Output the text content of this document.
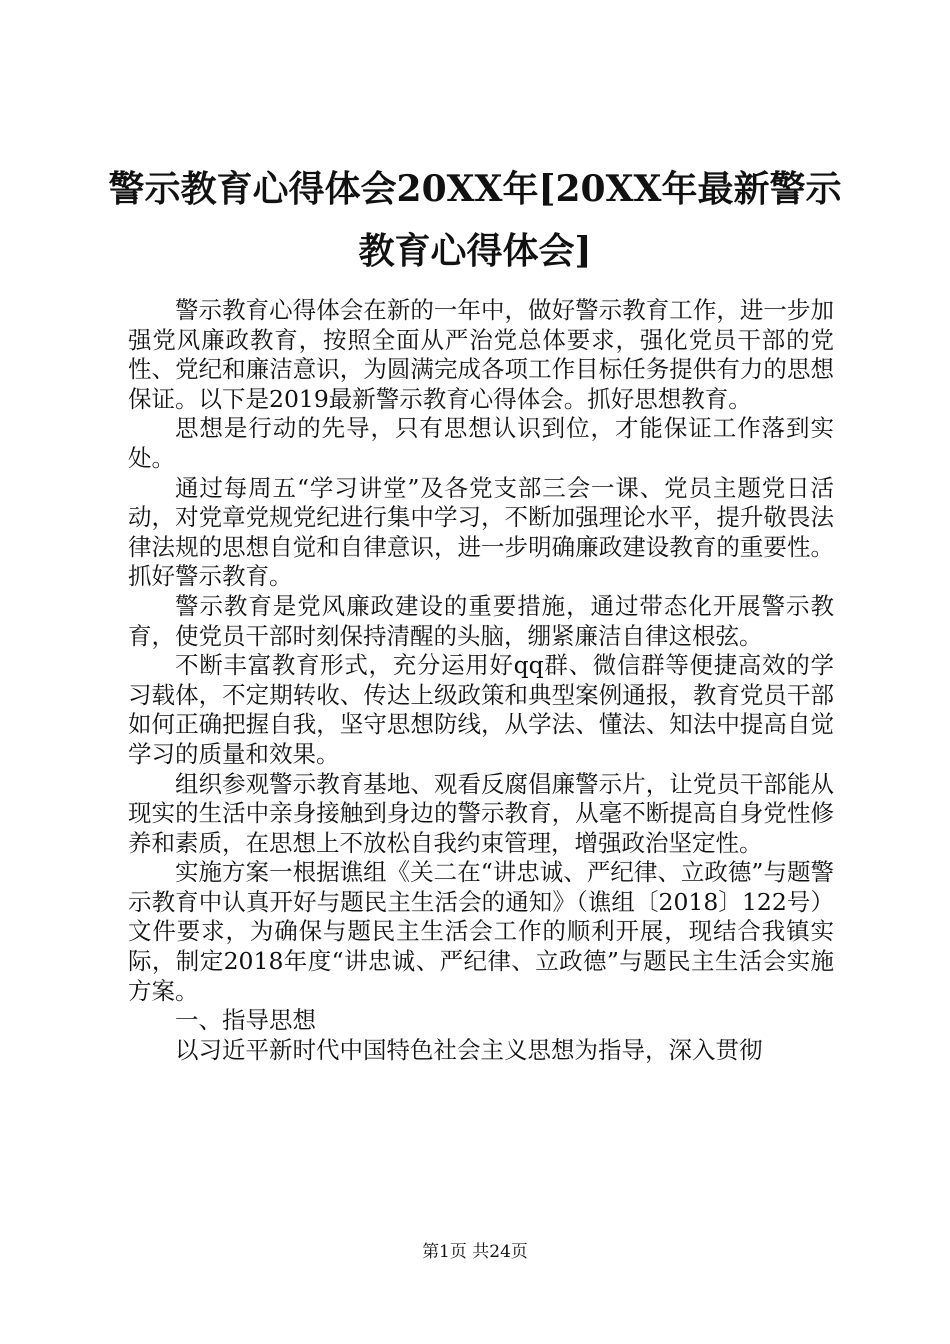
警示教育心得体会20XX年[20XX年最新警示教育心得体会]

警示教育心得体会在新的一年中，做好警示教育工作，进一步加强党风廉政教育，按照全面从严治党总体要求，强化党员干部的党性、党纪和廉洁意识，为圆满完成各项工作目标任务提供有力的思想保证。以下是2019最新警示教育心得体会。抓好思想教育。

思想是行动的先导，只有思想认识到位，才能保证工作落到实处。

通过每周五“学习讲堂”及各党支部三会一课、党员主题党日活动，对党章党规党纪进行集中学习，不断加强理论水平，提升敬畏法律法规的思想自觉和自律意识，进一步明确廉政建设教育的重要性。抓好警示教育。

警示教育是党风廉政建设的重要措施，通过带态化开展警示教育，使党员干部时刻保持清醒的头脑，绷紧廉洁自律这根弦。

不断丰富教育形式，充分运用好qq群、微信群等便捷高效的学习载体，不定期转收、传达上级政策和典型案例通报，教育党员干部如何正确把握自我，坚守思想防线，从学法、懂法、知法中提高自觉学习的质量和效果。

组织参观警示教育基地、观看反腐倡廉警示片，让党员干部能从现实的生活中亲身接触到身边的警示教育，从毫不断提高自身党性修养和素质，在思想上不放松自我约束管理，增强政治坚定性。

实施方案一根据谯组《关二在“讲忠诚、严纪律、立政德”与题警示教育中认真开好与题民主生活会的通知》（谯组〔2018〕122号）文件要求，为确保与题民主生活会工作的顺利开展，现结合我镇实际，制定2018年度“讲忠诚、严纪律、立政德”与题民主生活会实施方案。

一、指导思想

以习近平新时代中国特色社会主义思想为指导，深入贯彻

第1页 共24页
